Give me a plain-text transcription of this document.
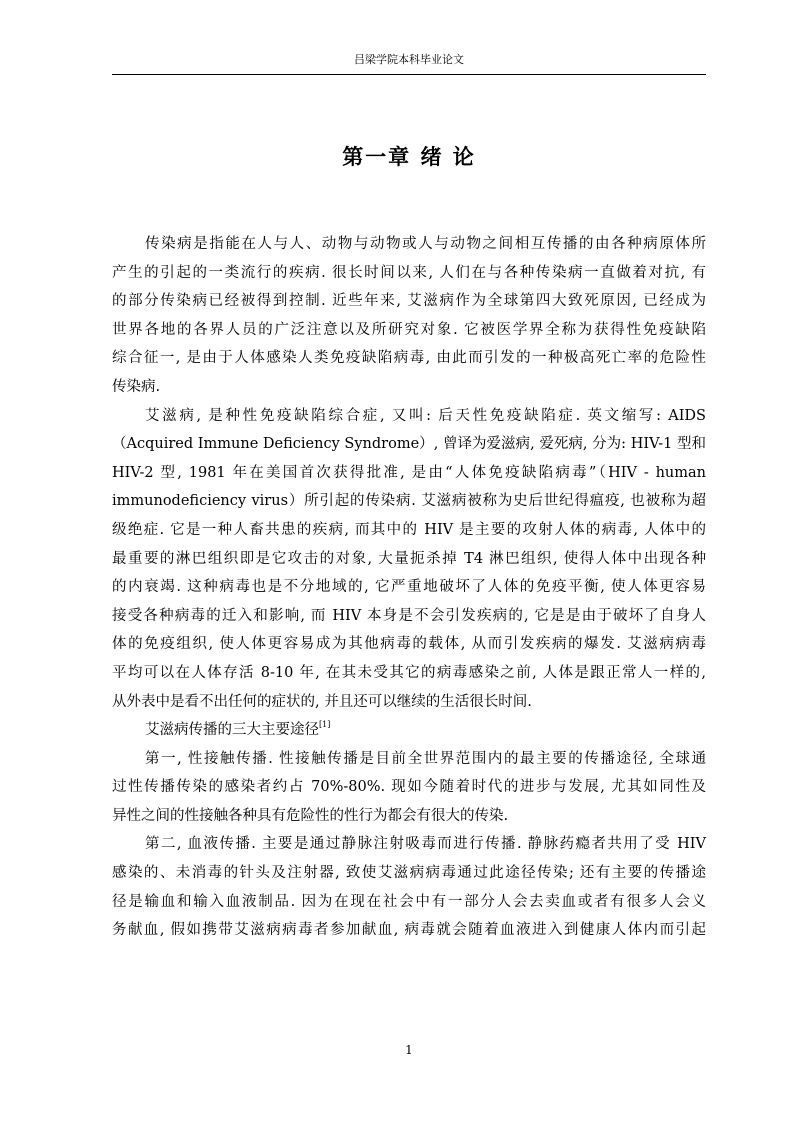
吕梁学院本科毕业论文
第一章 绪 论

传染病是指能在人与人、动物与动物或人与动物之间相互传播的由各种病原体所
产生的引起的一类流行的疾病. 很长时间以来, 人们在与各种传染病一直做着对抗, 有
的部分传染病已经被得到控制. 近些年来, 艾滋病作为全球第四大致死原因, 已经成为
世界各地的各界人员的广泛注意以及所研究对象. 它被医学界全称为获得性免疫缺陷
综合征一, 是由于人体感染人类免疫缺陷病毒, 由此而引发的一种极高死亡率的危险性
传染病.

艾滋病, 是种性免疫缺陷综合症, 又叫: 后天性免疫缺陷症. 英文缩写: AIDS
（Acquired Immune Deficiency Syndrome）, 曾译为爱滋病, 爱死病, 分为: HIV-1 型和
HIV-2 型, 1981 年在美国首次获得批准, 是由“人体免疫缺陷病毒”（HIV - human
immunodeficiency virus）所引起的传染病. 艾滋病被称为史后世纪得瘟疫, 也被称为超
级绝症. 它是一种人畜共患的疾病, 而其中的 HIV 是主要的攻射人体的病毒, 人体中的
最重要的淋巴组织即是它攻击的对象, 大量扼杀掉 T4 淋巴组织, 使得人体中出现各种
的内衰竭. 这种病毒也是不分地域的, 它严重地破坏了人体的免疫平衡, 使人体更容易
接受各种病毒的迁入和影响, 而 HIV 本身是不会引发疾病的, 它是是由于破坏了自身人
体的免疫组织, 使人体更容易成为其他病毒的载体, 从而引发疾病的爆发. 艾滋病病毒
平均可以在人体存活 8-10 年, 在其未受其它的病毒感染之前, 人体是跟正常人一样的,
从外表中是看不出任何的症状的, 并且还可以继续的生活很长时间.

艾滋病传播的三大主要途径[1]

第一, 性接触传播. 性接触传播是目前全世界范围内的最主要的传播途径, 全球通
过性传播传染的感染者约占 70%-80%. 现如今随着时代的进步与发展, 尤其如同性及
异性之间的性接触各种具有危险性的性行为都会有很大的传染.

第二, 血液传播. 主要是通过静脉注射吸毒而进行传播. 静脉药瘾者共用了受 HIV
感染的、未消毒的针头及注射器, 致使艾滋病病毒通过此途径传染; 还有主要的传播途
径是输血和输入血液制品. 因为在现在社会中有一部分人会去卖血或者有很多人会义
务献血, 假如携带艾滋病病毒者参加献血, 病毒就会随着血液进入到健康人体内而引起

1
